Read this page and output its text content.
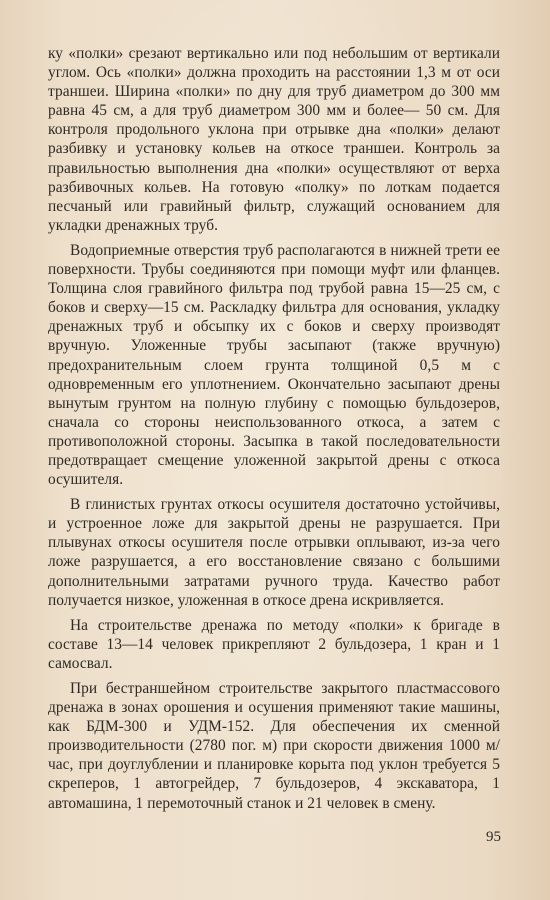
ку «полки» срезают вертикально или под небольшим от вертикали углом. Ось «полки» должна проходить на расстоянии 1,3 м от оси траншеи. Ширина «полки» по дну для труб диаметром до 300 мм равна 45 см, а для труб диаметром 300 мм и более— 50 см. Для контроля продольного уклона при отрывке дна «полки» делают разбивку и установку кольев на откосе траншеи. Контроль за правильностью выполнения дна «полки» осуществляют от верха разбивочных кольев. На готовую «полку» по лоткам подается песчаный или гравийный фильтр, служащий основанием для укладки дренажных труб.

Водоприемные отверстия труб располагаются в нижней трети ее поверхности. Трубы соединяются при помощи муфт или фланцев. Толщина слоя гравийного фильтра под трубой равна 15—25 см, с боков и сверху—15 см. Раскладку фильтра для основания, укладку дренажных труб и обсыпку их с боков и сверху производят вручную. Уложенные трубы засыпают (также вручную) предохранительным слоем грунта толщиной 0,5 м с одновременным его уплотнением. Окончательно засыпают дрены вынутым грунтом на полную глубину с помощью бульдозеров, сначала со стороны неиспользованного откоса, а затем с противоположной стороны. Засыпка в такой последовательности предотвращает смещение уложенной закрытой дрены с откоса осушителя.

В глинистых грунтах откосы осушителя достаточно устойчивы, и устроенное ложе для закрытой дрены не разрушается. При плывунах откосы осушителя после отрывки оплывают, из-за чего ложе разрушается, а его восстановление связано с большими дополнительными затратами ручного труда. Качество работ получается низкое, уложенная в откосе дрена искривляется.

На строительстве дренажа по методу «полки» к бригаде в составе 13—14 человек прикрепляют 2 бульдозера, 1 кран и 1 самосвал.

При бестраншейном строительстве закрытого пластмассового дренажа в зонах орошения и осушения применяют такие машины, как БДМ-300 и УДМ-152. Для обеспечения их сменной производительности (2780 пог. м) при скорости движения 1000 м/час, при доуглублении и планировке корыта под уклон требуется 5 скреперов, 1 автогрейдер, 7 бульдозеров, 4 экскаватора, 1 автомашина, 1 перемоточный станок и 21 человек в смену.

95
